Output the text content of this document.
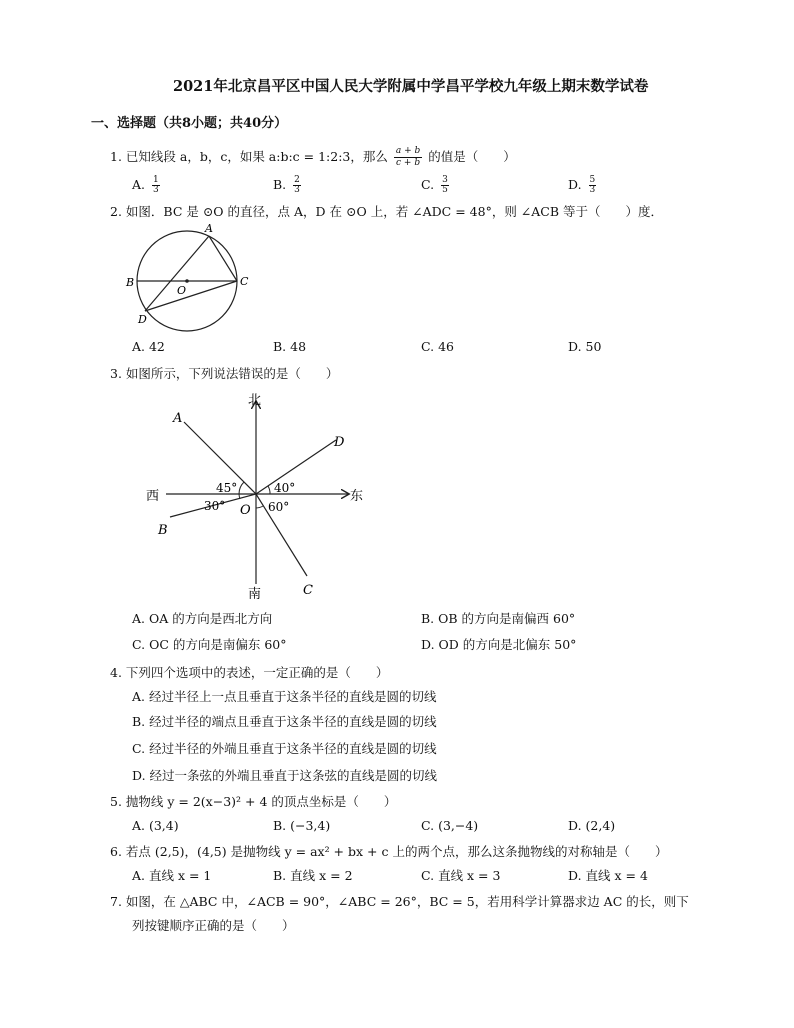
2021年北京昌平区中国人民大学附属中学昌平学校九年级上期末数学试卷
一、选择题（共8小题；共40分）
1. 已知线段 a，b，c，如果 a:b:c = 1:2:3，那么 $\frac{a + b}{c + b}$ 的值是（　　）
A. $\frac{1}{3}$	B. $\frac{2}{3}$	C. $\frac{3}{5}$	D. $\frac{5}{3}$
2. 如图．BC 是 ⊙O 的直径，点 A，D 在 ⊙O 上，若 ∠ADC = 48°，则 ∠ACB 等于（　　）度．
A
B	C
D
O
A. 42	B. 48	C. 46	D. 50
3. 如图所示，下列说法错误的是（　　）
北
南
西	东
A
B
C
D
O
45°
30°
40°
60°
A. OA 的方向是西北方向	B. OB 的方向是南偏西 60°
C. OC 的方向是南偏东 60°	D. OD 的方向是北偏东 50°
4. 下列四个选项中的表述，一定正确的是（　　）
A. 经过半径上一点且垂直于这条半径的直线是圆的切线
B. 经过半径的端点且垂直于这条半径的直线是圆的切线
C. 经过半径的外端且垂直于这条半径的直线是圆的切线
D. 经过一条弦的外端且垂直于这条弦的直线是圆的切线
5. 抛物线 y = 2(x−3)² + 4 的顶点坐标是（　　）
A. (3,4)	B. (−3,4)	C. (3,−4)	D. (2,4)
6. 若点 (2,5)，(4,5) 是抛物线 y = ax² + bx + c 上的两个点，那么这条抛物线的对称轴是（　　）
A. 直线 x = 1	B. 直线 x = 2	C. 直线 x = 3	D. 直线 x = 4
7. 如图，在 △ABC 中，∠ACB = 90°，∠ABC = 26°，BC = 5，若用科学计算器求边 AC 的长，则下
列按键顺序正确的是（　　）
